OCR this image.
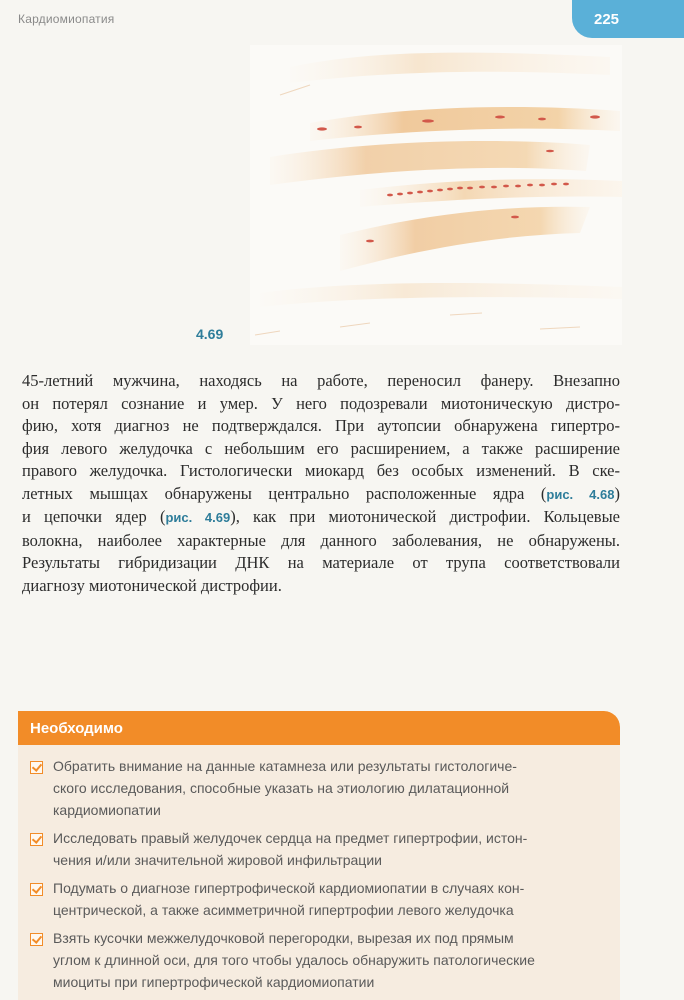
Кардиомиопатия	225
4.69
45-летний мужчина, находясь на работе, переносил фанеру. Внезапно
он потерял сознание и умер. У него подозревали миотоническую дистро-
фию, хотя диагноз не подтверждался. При аутопсии обнаружена гипертро-
фия левого желудочка с небольшим его расширением, а также расширение
правого желудочка. Гистологически миокард без особых изменений. В ске-
летных мышцах обнаружены центрально расположенные ядра (рис. 4.68)
и цепочки ядер (рис. 4.69), как при миотонической дистрофии. Кольцевые
волокна, наиболее характерные для данного заболевания, не обнаружены.
Результаты гибридизации ДНК на материале от трупа соответствовали
диагнозу миотонической дистрофии.
Необходимо
Обратить внимание на данные катамнеза или результаты гистологиче-
ского исследования, способные указать на этиологию дилатационной
кардиомиопатии
Исследовать правый желудочек сердца на предмет гипертрофии, истон-
чения и/или значительной жировой инфильтрации
Подумать о диагнозе гипертрофической кардиомиопатии в случаях кон-
центрической, а также асимметричной гипертрофии левого желудочка
Взять кусочки межжелудочковой перегородки, вырезая их под прямым
углом к длинной оси, для того чтобы удалось обнаружить патологические
миоциты при гипертрофической кардиомиопатии
